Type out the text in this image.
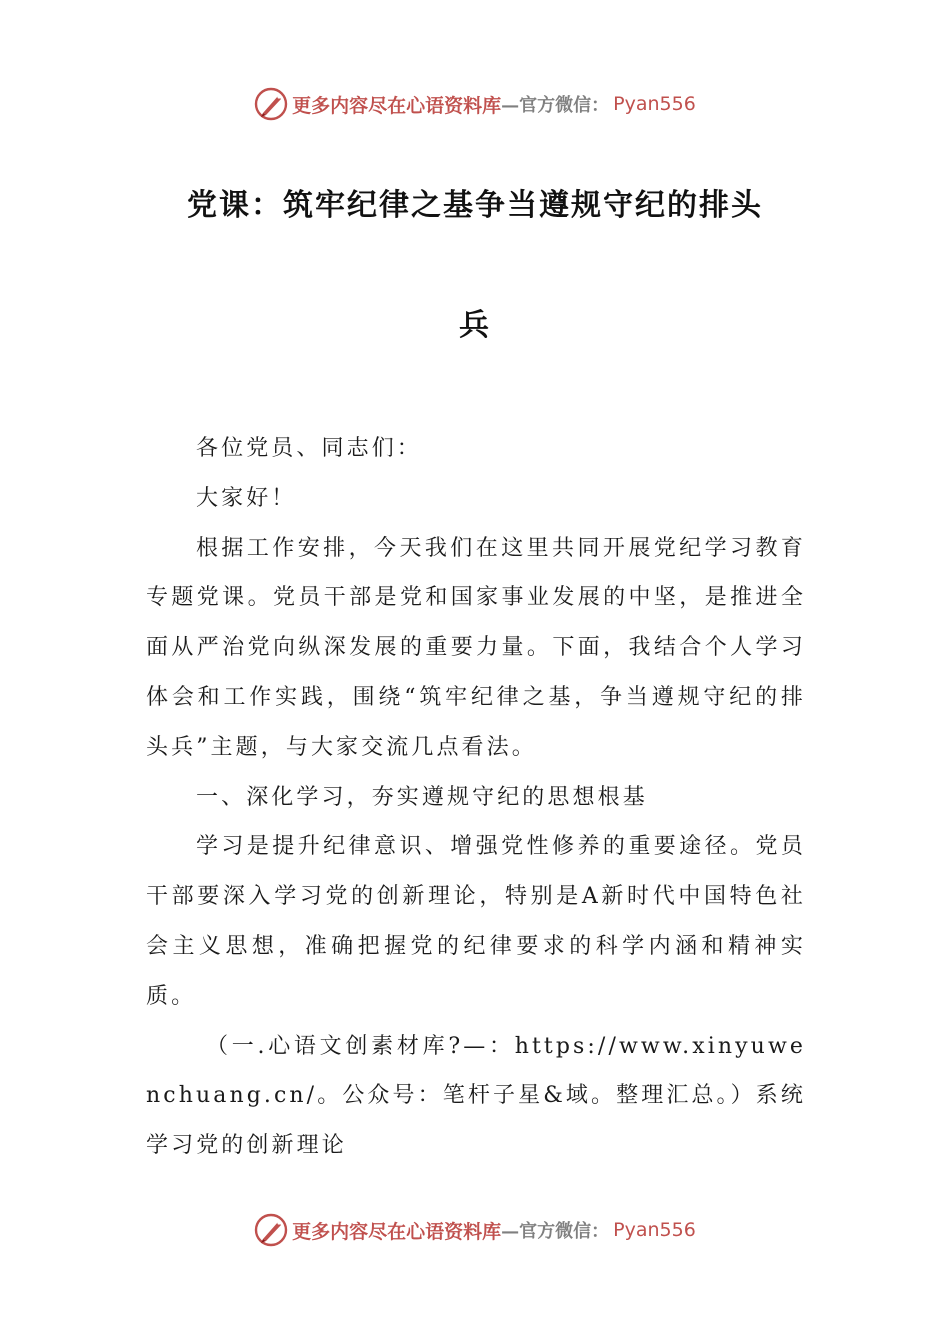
更多内容尽在心语资料库 —官方微信： Pyan556
党课：筑牢纪律之基争当遵规守纪的排头
兵

各位党员、同志们：

大家好！

根据工作安排，今天我们在这里共同开展党纪学习教育专题党课。党员干部是党和国家事业发展的中坚，是推进全面从严治党向纵深发展的重要力量。下面，我结合个人学习体会和工作实践，围绕“筑牢纪律之基，争当遵规守纪的排头兵”主题，与大家交流几点看法。

一、深化学习，夯实遵规守纪的思想根基

学习是提升纪律意识、增强党性修养的重要途径。党员干部要深入学习党的创新理论，特别是A新时代中国特色社会主义思想，准确把握党的纪律要求的科学内涵和精神实质。

（一.心语文创素材库?—：https://www.xinyuwenchuang.cn/。公众号：笔杆子星&域。整理汇总。）系统学习党的创新理论

更多内容尽在心语资料库 —官方微信： Pyan556
